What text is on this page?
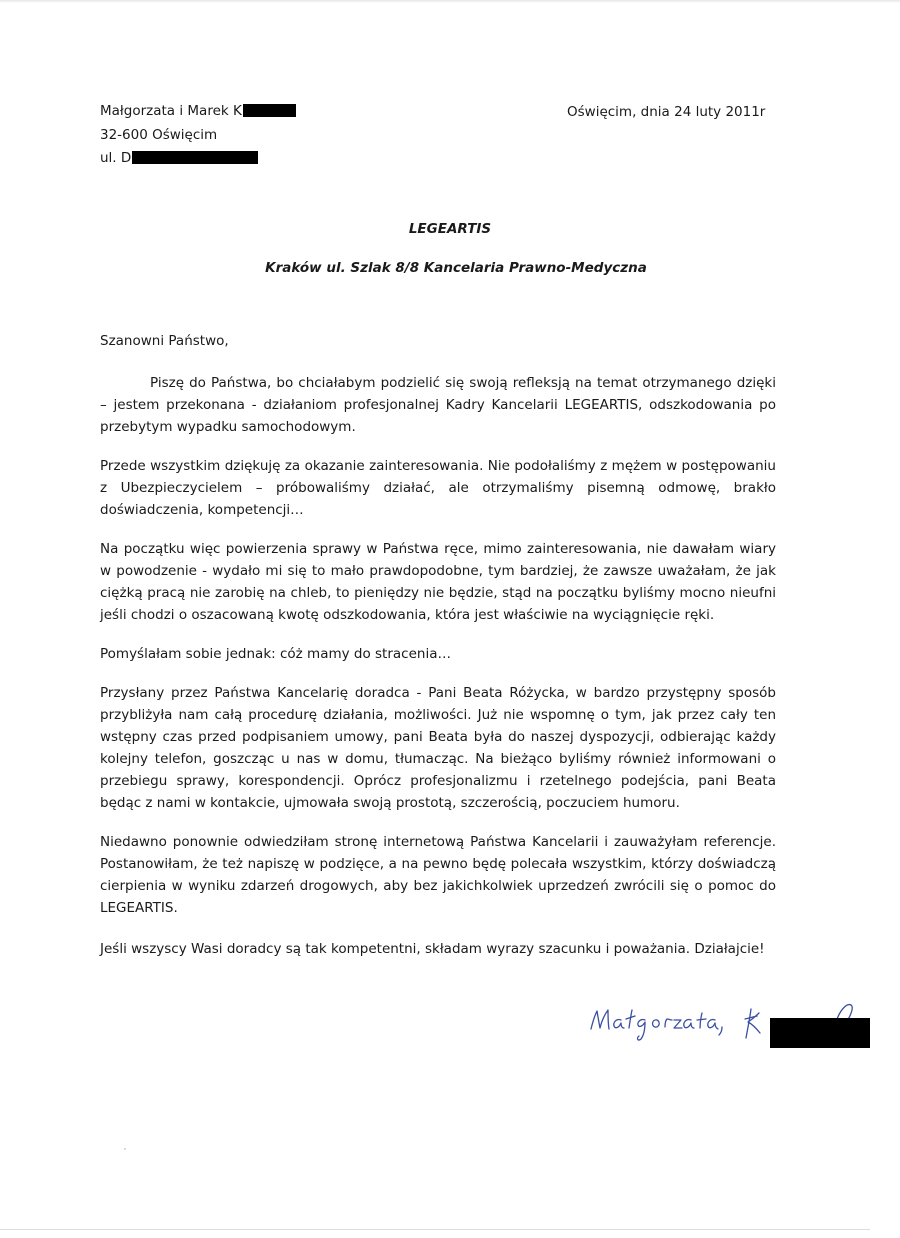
Małgorzata i Marek K
32-600 Oświęcim
ul. D
Oświęcim, dnia 24 luty 2011r
LEGEARTIS
Kraków ul. Szlak 8/8 Kancelaria Prawno-Medyczna
Szanowni Państwo,

Piszę do Państwa, bo chciałabym podzielić się swoją refleksją na temat otrzymanego dzięki – jestem przekonana - działaniom profesjonalnej Kadry Kancelarii LEGEARTIS, odszkodowania po przebytym wypadku samochodowym.

Przede wszystkim dziękuję za okazanie zainteresowania. Nie podołaliśmy z mężem w postępowaniu z Ubezpieczycielem – próbowaliśmy działać, ale otrzymaliśmy pisemną odmowę, brakło doświadczenia, kompetencji…

Na początku więc powierzenia sprawy w Państwa ręce, mimo zainteresowania, nie dawałam wiary w powodzenie - wydało mi się to mało prawdopodobne, tym bardziej, że zawsze uważałam, że jak ciężką pracą nie zarobię na chleb, to pieniędzy nie będzie, stąd na początku byliśmy mocno nieufni jeśli chodzi o oszacowaną kwotę odszkodowania, która jest właściwie na wyciągnięcie ręki.

Pomyślałam sobie jednak: cóż mamy do stracenia…

Przysłany przez Państwa Kancelarię doradca - Pani Beata Różycka, w bardzo przystępny sposób przybliżyła nam całą procedurę działania, możliwości. Już nie wspomnę o tym, jak przez cały ten wstępny czas przed podpisaniem umowy, pani Beata była do naszej dyspozycji, odbierając każdy kolejny telefon, goszcząc u nas w domu, tłumacząc. Na bieżąco byliśmy również informowani o przebiegu sprawy, korespondencji. Oprócz profesjonalizmu i rzetelnego podejścia, pani Beata będąc z nami w kontakcie, ujmowała swoją prostotą, szczerością, poczuciem humoru.

Niedawno ponownie odwiedziłam stronę internetową Państwa Kancelarii i zauważyłam referencje. Postanowiłam, że też napiszę w podzięce, a na pewno będę polecała wszystkim, którzy doświadczą cierpienia w wyniku zdarzeń drogowych, aby bez jakichkolwiek uprzedzeń zwrócili się o pomoc do LEGEARTIS.

Jeśli wszyscy Wasi doradcy są tak kompetentni, składam wyrazy szacunku i poważania. Działajcie!
